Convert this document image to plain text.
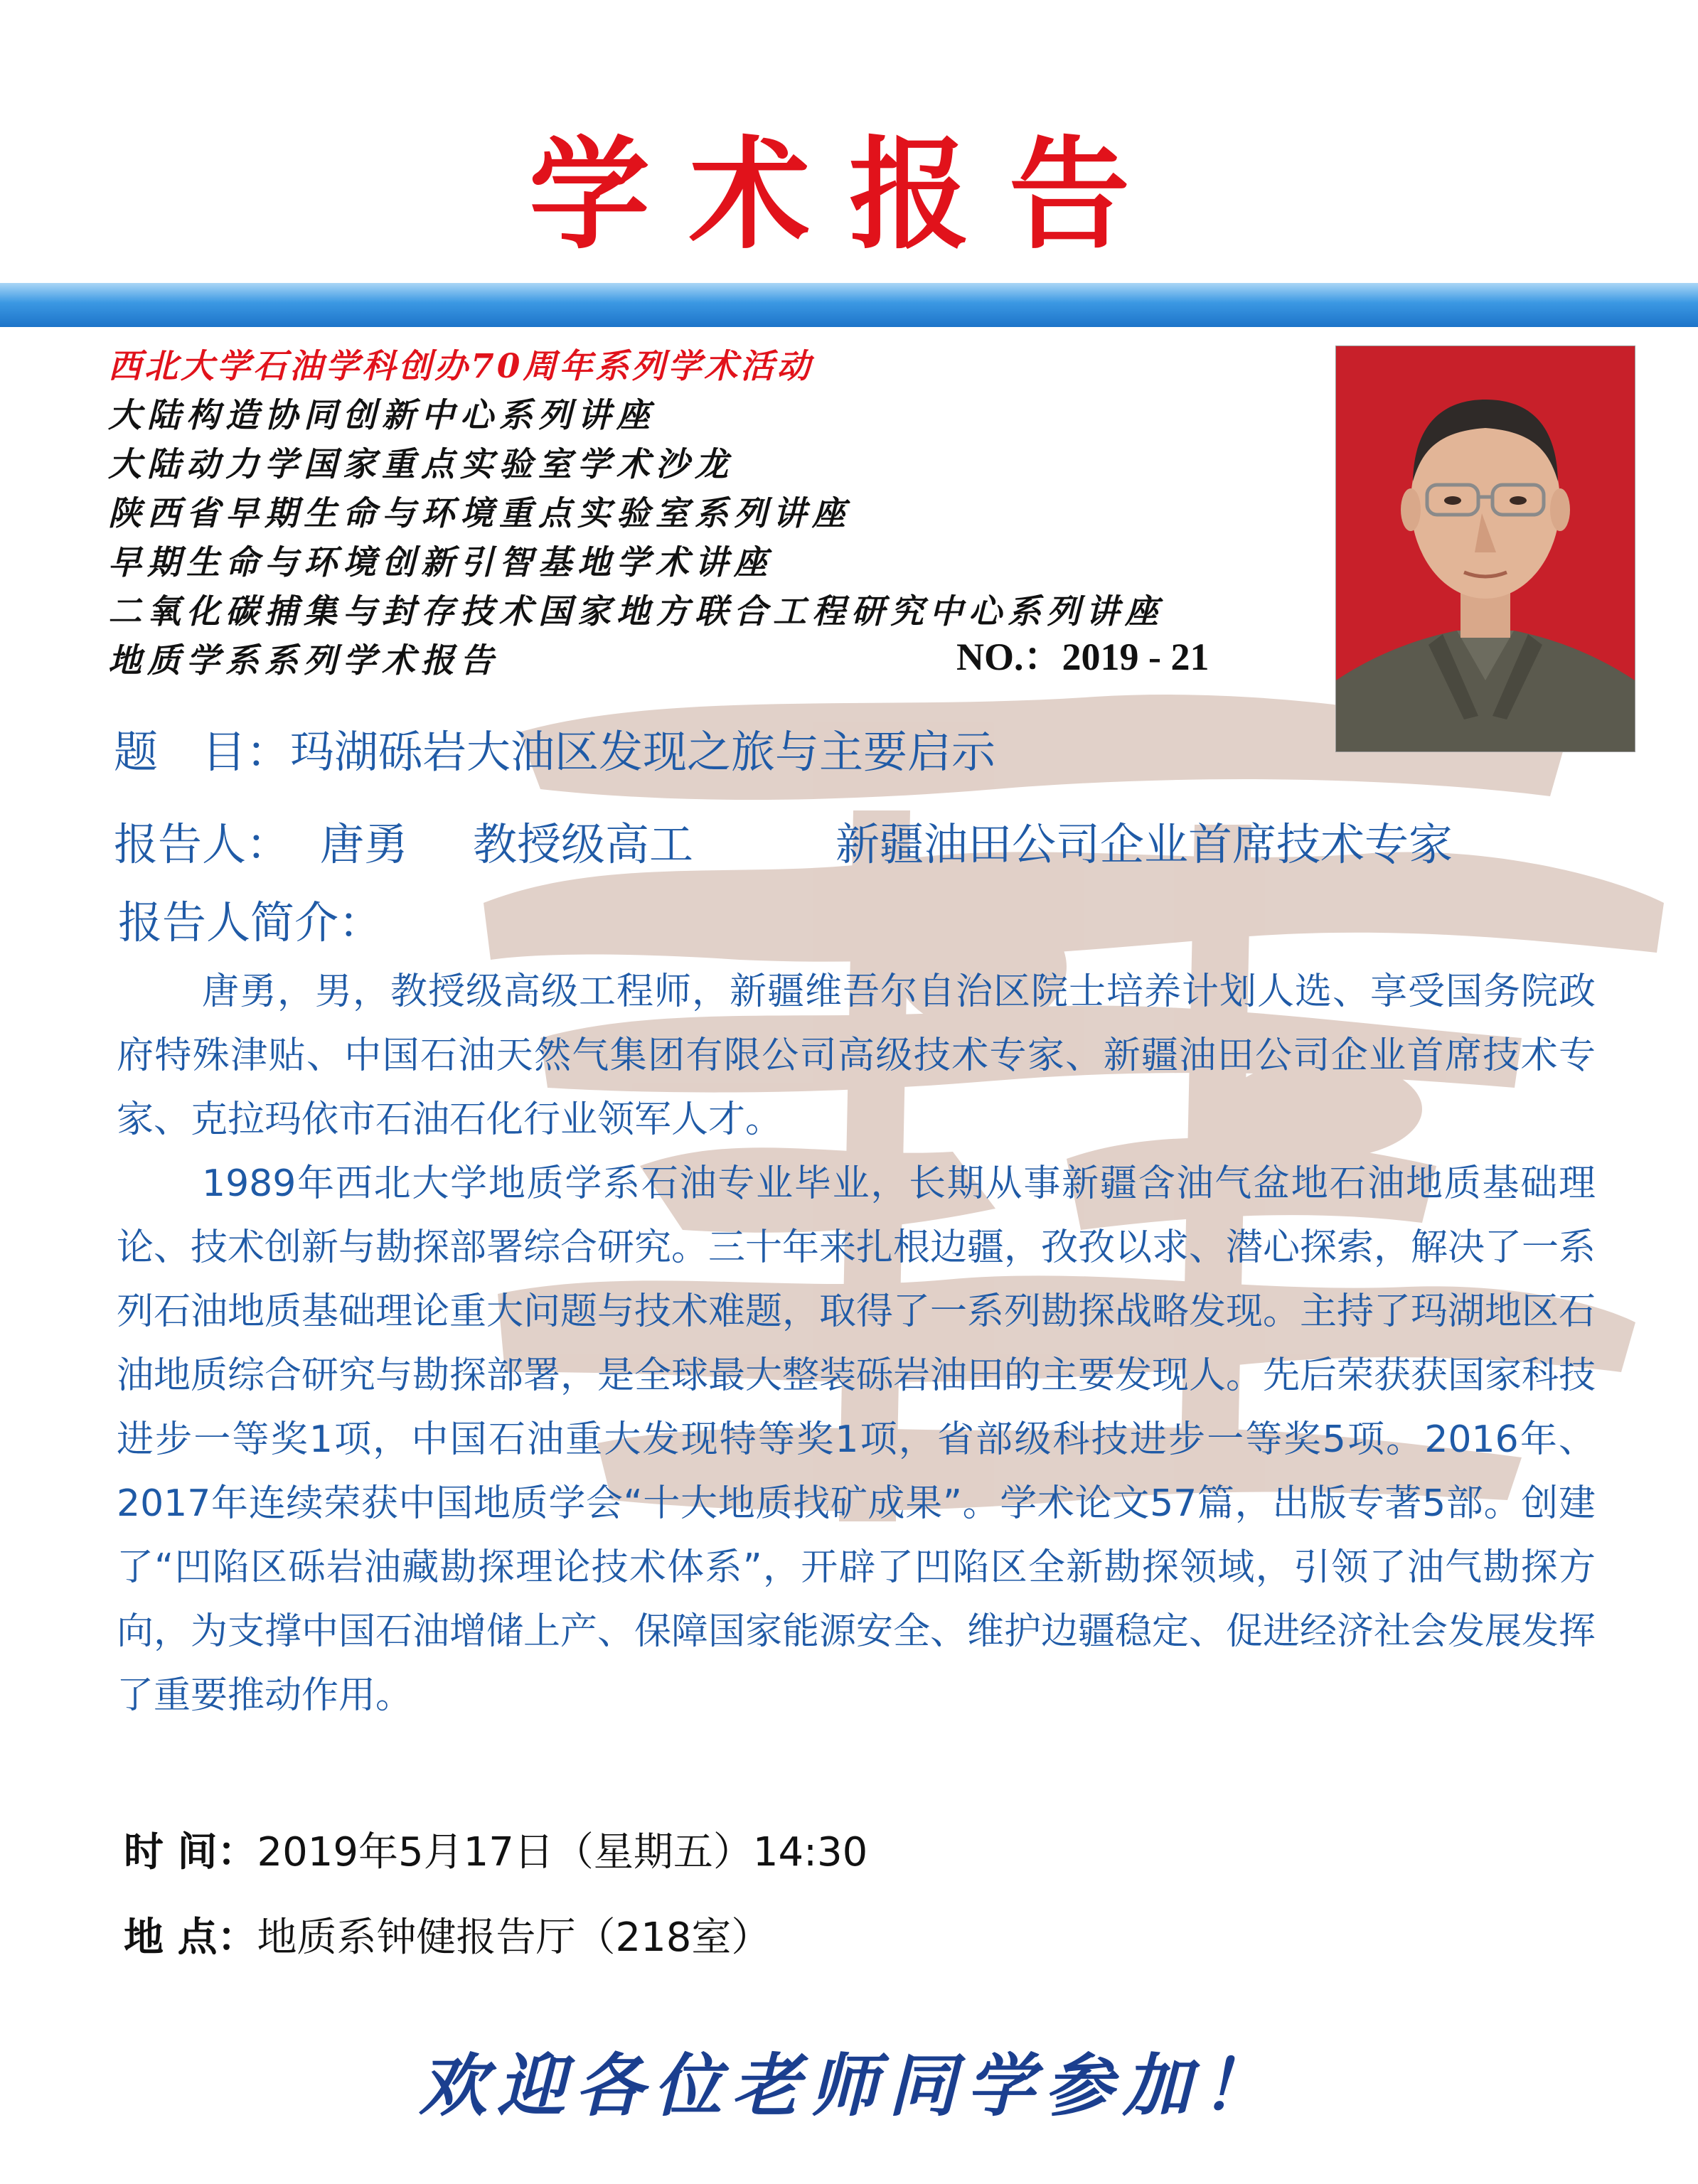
学术报告
西北大学石油学科创办70周年系列学术活动
大陆构造协同创新中心系列讲座
大陆动力学国家重点实验室学术沙龙
陕西省早期生命与环境重点实验室系列讲座
早期生命与环境创新引智基地学术讲座
二氧化碳捕集与封存技术国家地方联合工程研究中心系列讲座
地质学系系列学术报告	NO.：2019 - 21
题　目：玛湖砾岩大油区发现之旅与主要启示
报告人： 唐勇 教授级高工	新疆油田公司企业首席技术专家
报告人简介：
唐勇，男，教授级高级工程师，新疆维吾尔自治区院士培养计划人选、享受国务院政府特殊津贴、中国石油天然气集团有限公司高级技术专家、新疆油田公司企业首席技术专家、克拉玛依市石油石化行业领军人才。
1989年西北大学地质学系石油专业毕业，长期从事新疆含油气盆地石油地质基础理论、技术创新与勘探部署综合研究。三十年来扎根边疆，孜孜以求、潜心探索，解决了一系列石油地质基础理论重大问题与技术难题，取得了一系列勘探战略发现。主持了玛湖地区石油地质综合研究与勘探部署，是全球最大整装砾岩油田的主要发现人。先后荣获获国家科技进步一等奖1项，中国石油重大发现特等奖1项，省部级科技进步一等奖5项。2016年、2017年连续荣获中国地质学会“十大地质找矿成果”。学术论文57篇，出版专著5部。创建了“凹陷区砾岩油藏勘探理论技术体系”，开辟了凹陷区全新勘探领域，引领了油气勘探方向，为支撑中国石油增储上产、保障国家能源安全、维护边疆稳定、促进经济社会发展发挥了重要推动作用。
时 间：2019年5月17日（星期五）14:30
地 点：地质系钟健报告厅（218室）
欢迎各位老师同学参加！
